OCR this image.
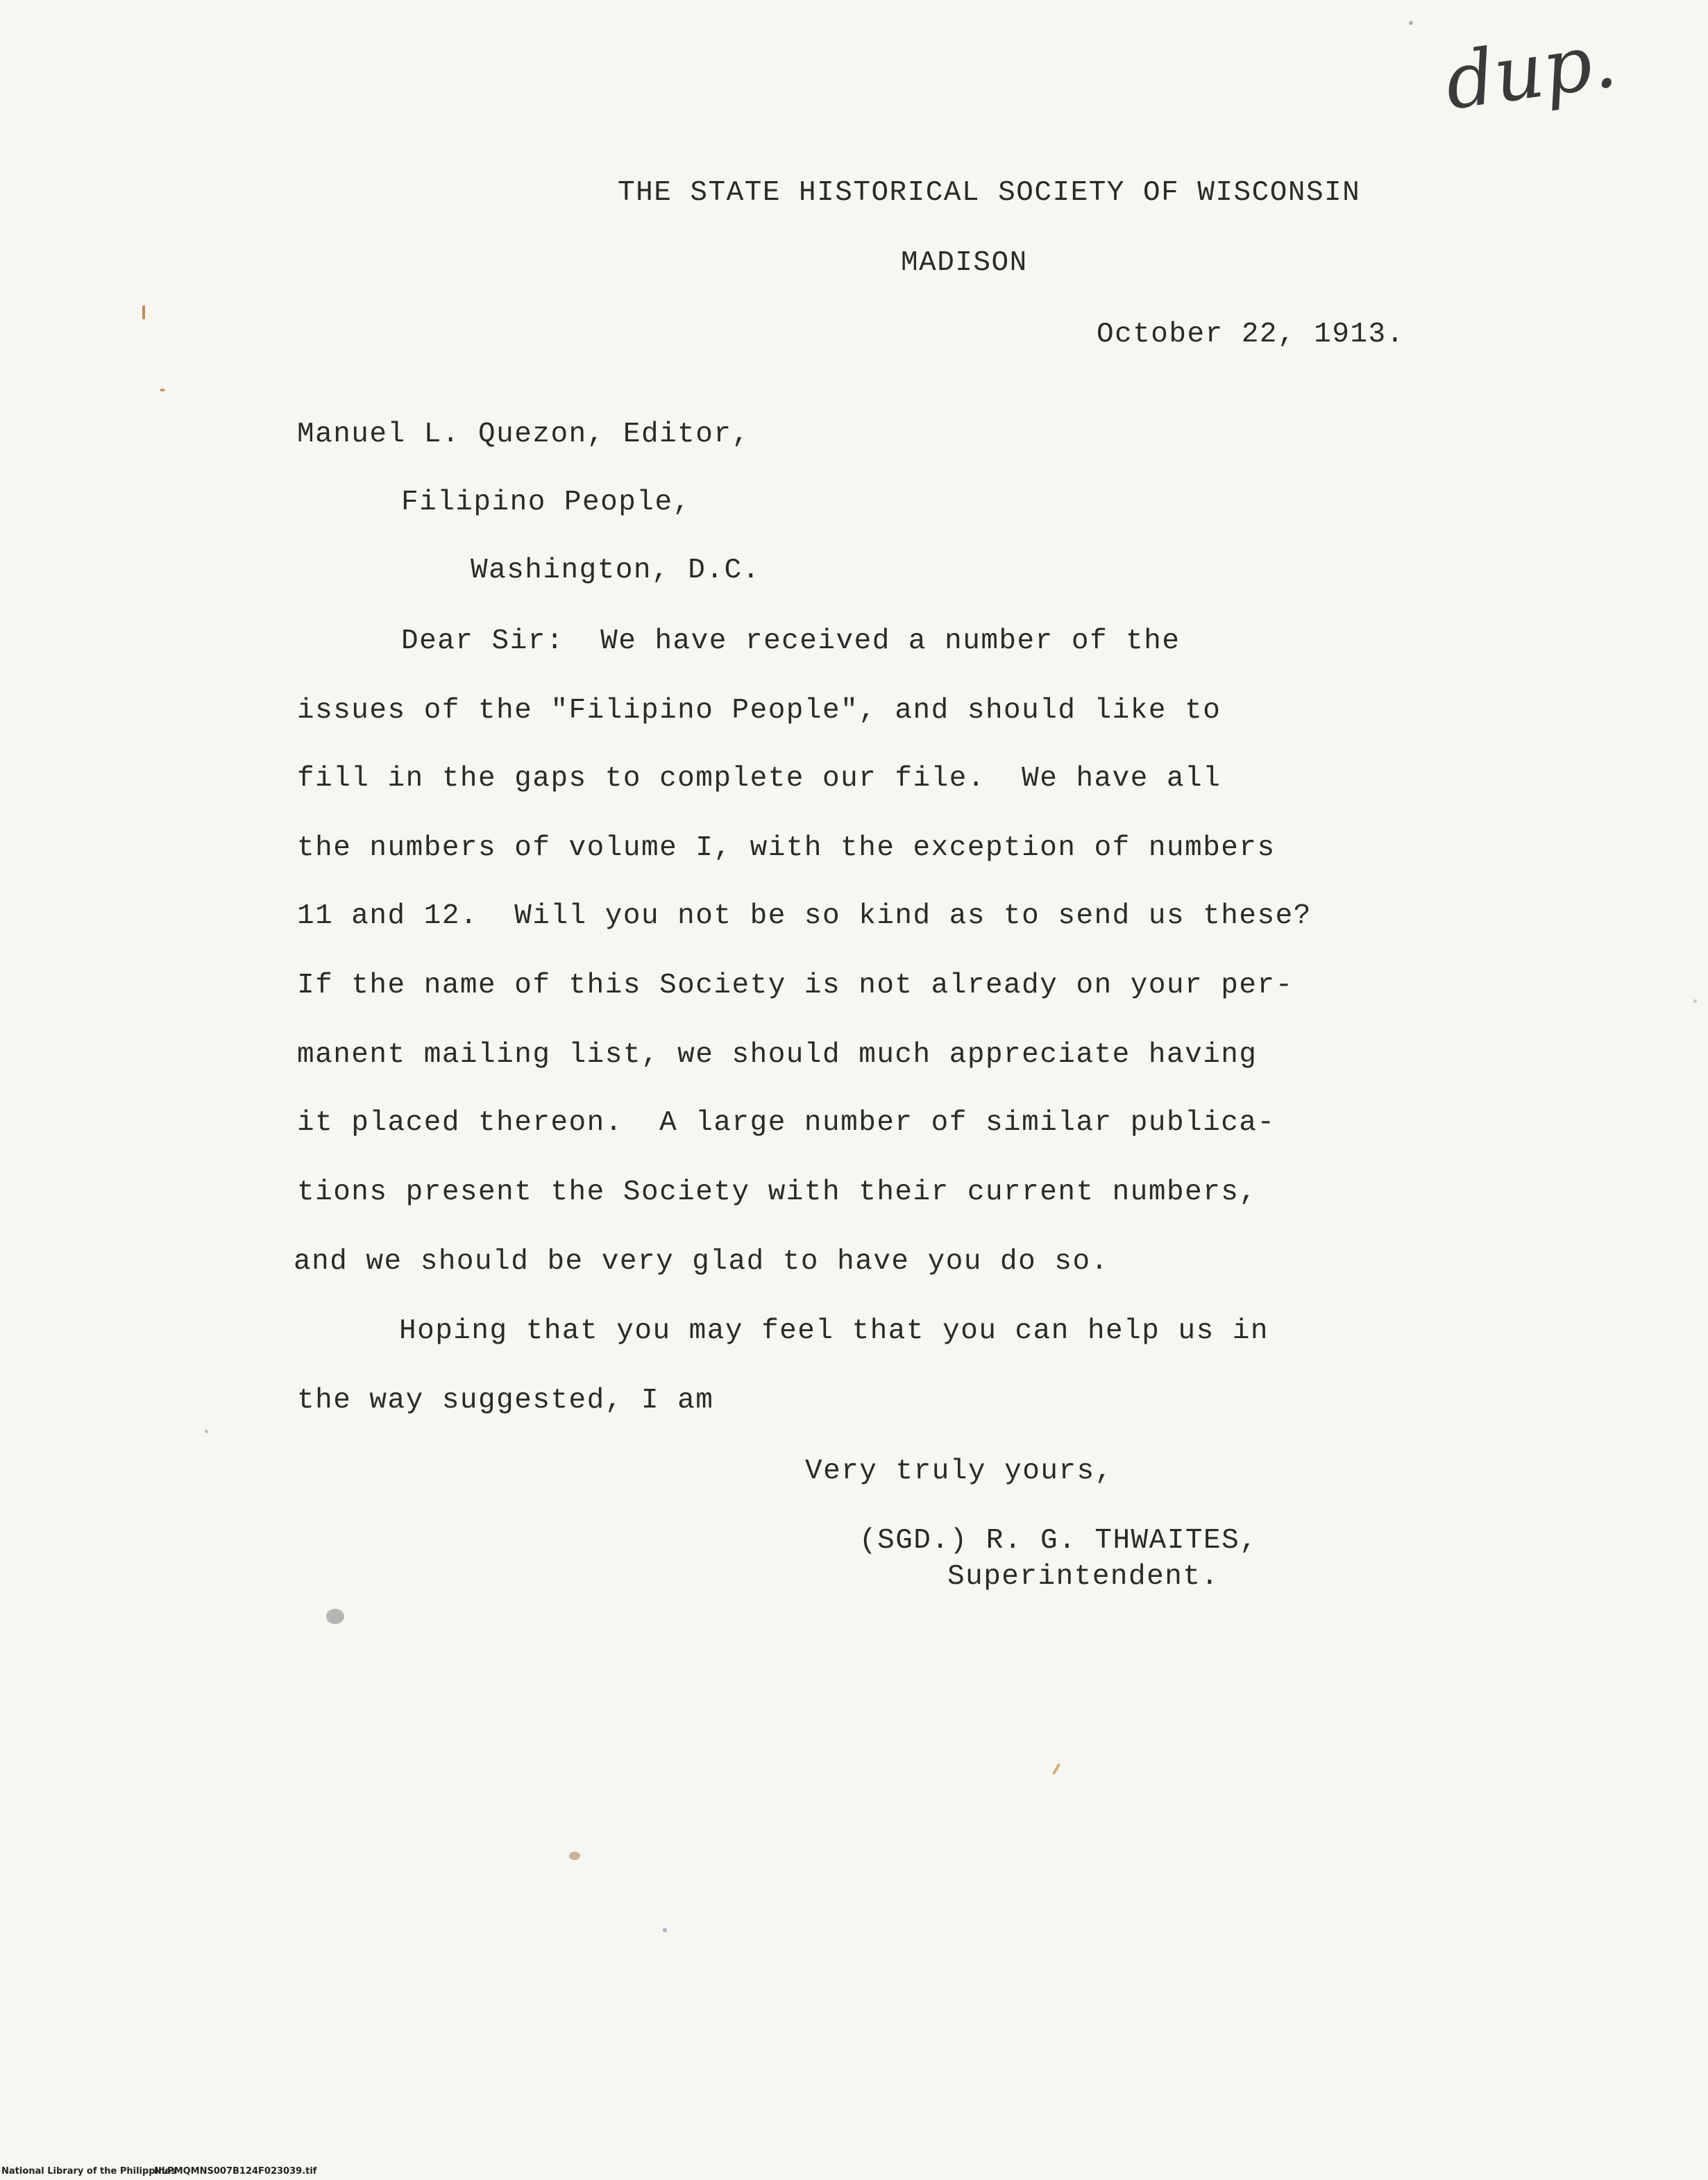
dup.
THE STATE HISTORICAL SOCIETY OF WISCONSIN
MADISON
October 22, 1913.
Manuel L. Quezon, Editor,
Filipino People,
Washington, D.C.
Dear Sir:  We have received a number of the
issues of the "Filipino People", and should like to
fill in the gaps to complete our file.  We have all
the numbers of volume I, with the exception of numbers
11 and 12.  Will you not be so kind as to send us these?
If the name of this Society is not already on your per-
manent mailing list, we should much appreciate having
it placed thereon.  A large number of similar publica-
tions present the Society with their current numbers,
and we should be very glad to have you do so.
Hoping that you may feel that you can help us in
the way suggested, I am
Very truly yours,
(SGD.) R. G. THWAITES,
Superintendent.
National Library of the Philippines
NLPMQMNS007B124F023039.tif
